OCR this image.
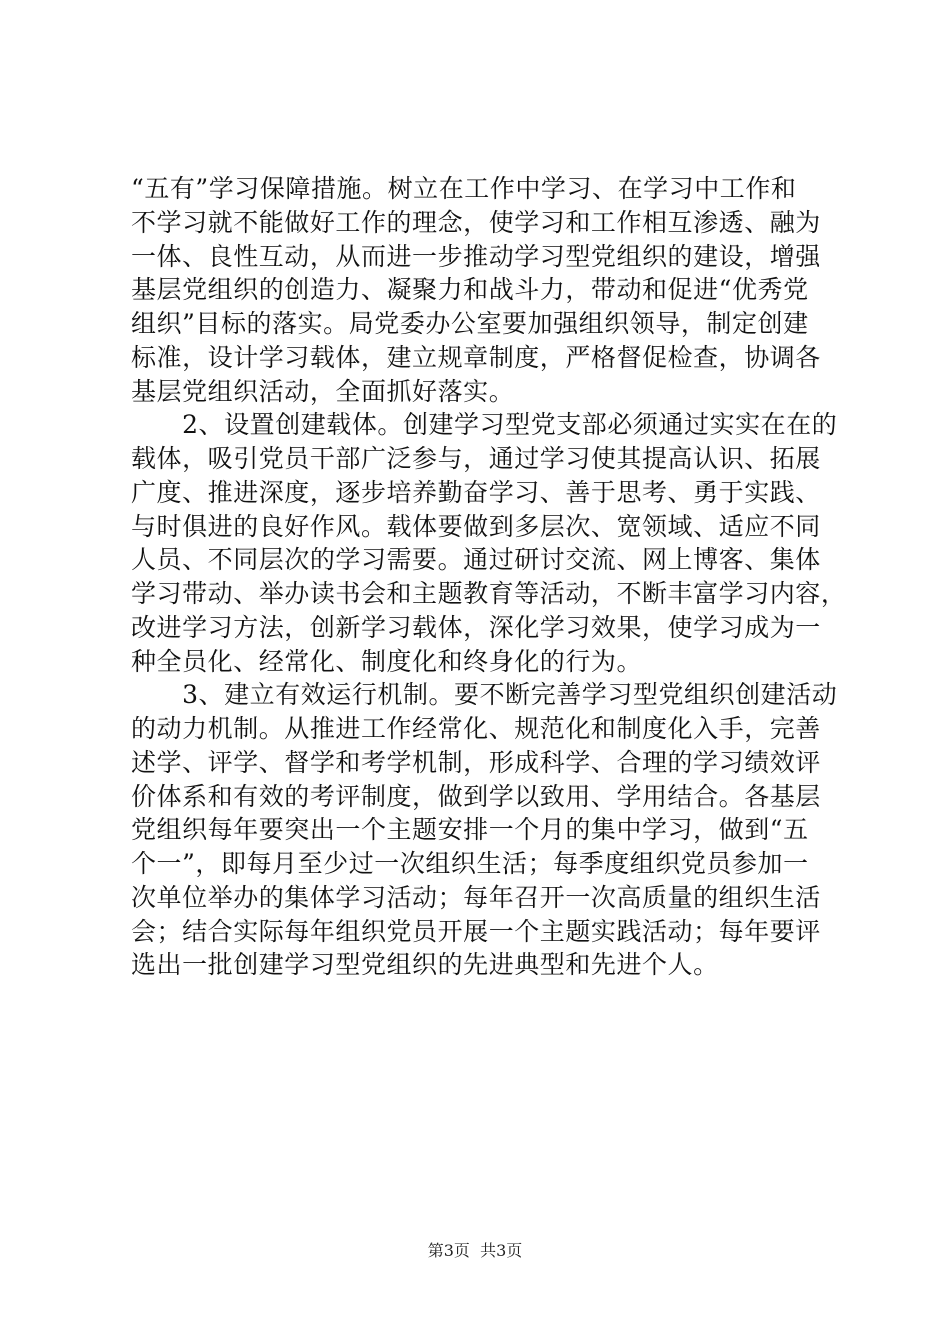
“五有”学习保障措施。树立在工作中学习、在学习中工作和
不学习就不能做好工作的理念，使学习和工作相互渗透、融为
一体、良性互动，从而进一步推动学习型党组织的建设，增强
基层党组织的创造力、凝聚力和战斗力，带动和促进“优秀党
组织”目标的落实。局党委办公室要加强组织领导，制定创建
标准，设计学习载体，建立规章制度，严格督促检查，协调各
基层党组织活动，全面抓好落实。
　　2、设置创建载体。创建学习型党支部必须通过实实在在的
载体，吸引党员干部广泛参与，通过学习使其提高认识、拓展
广度、推进深度，逐步培养勤奋学习、善于思考、勇于实践、
与时俱进的良好作风。载体要做到多层次、宽领域、适应不同
人员、不同层次的学习需要。通过研讨交流、网上博客、集体
学习带动、举办读书会和主题教育等活动，不断丰富学习内容，
改进学习方法，创新学习载体，深化学习效果，使学习成为一
种全员化、经常化、制度化和终身化的行为。
　　3、建立有效运行机制。要不断完善学习型党组织创建活动
的动力机制。从推进工作经常化、规范化和制度化入手，完善
述学、评学、督学和考学机制，形成科学、合理的学习绩效评
价体系和有效的考评制度，做到学以致用、学用结合。各基层
党组织每年要突出一个主题安排一个月的集中学习，做到“五
个一”，即每月至少过一次组织生活；每季度组织党员参加一
次单位举办的集体学习活动；每年召开一次高质量的组织生活
会；结合实际每年组织党员开展一个主题实践活动；每年要评
选出一批创建学习型党组织的先进典型和先进个人。
第3页  共3页
